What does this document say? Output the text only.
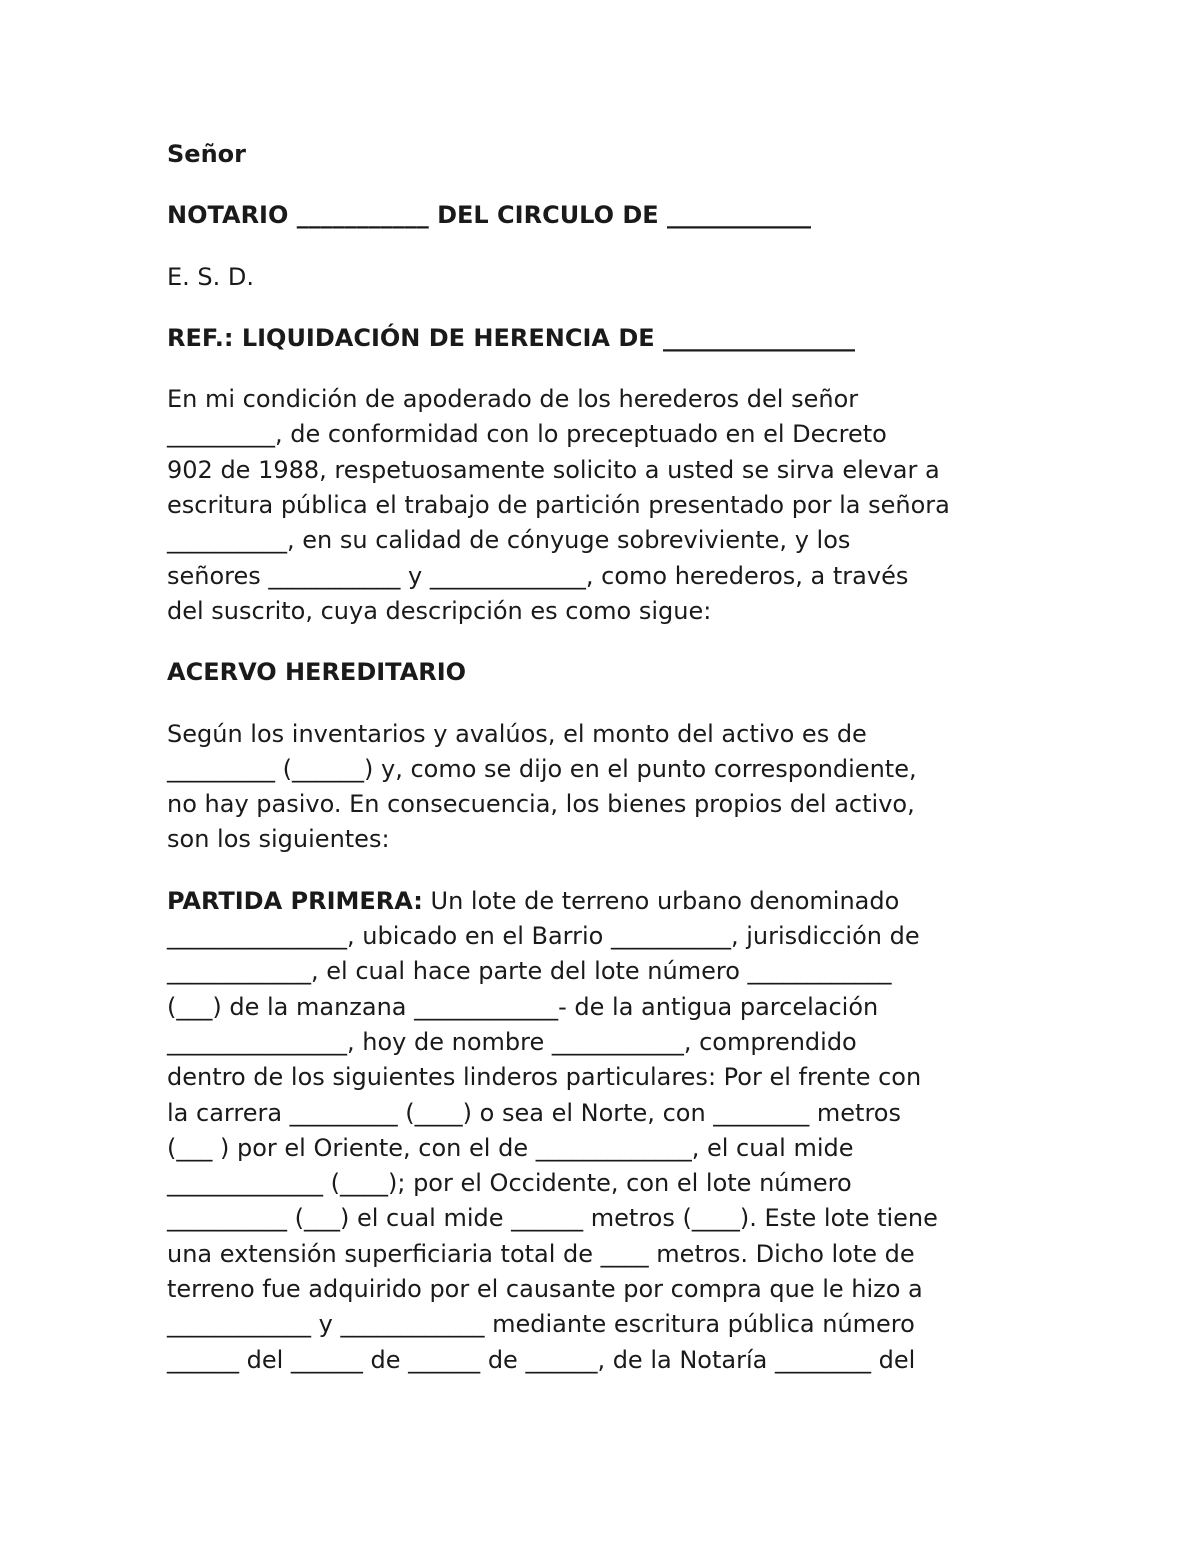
Señor
NOTARIO ___________ DEL CIRCULO DE ____________
E. S. D.
REF.: LIQUIDACIÓN DE HERENCIA DE ________________
En mi condición de apoderado de los herederos del señor
_________, de conformidad con lo preceptuado en el Decreto
902 de 1988, respetuosamente solicito a usted se sirva elevar a
escritura pública el trabajo de partición presentado por la señora
__________, en su calidad de cónyuge sobreviviente, y los
señores ___________ y _____________, como herederos, a través
del suscrito, cuya descripción es como sigue:
ACERVO HEREDITARIO
Según los inventarios y avalúos, el monto del activo es de
_________ (______) y, como se dijo en el punto correspondiente,
no hay pasivo. En consecuencia, los bienes propios del activo,
son los siguientes:
PARTIDA PRIMERA: Un lote de terreno urbano denominado
_______________, ubicado en el Barrio __________, jurisdicción de
____________, el cual hace parte del lote número ____________
(___) de la manzana ____________- de la antigua parcelación
_______________, hoy de nombre ___________, comprendido
dentro de los siguientes linderos particulares: Por el frente con
la carrera _________ (____) o sea el Norte, con ________ metros
(___ ) por el Oriente, con el de _____________, el cual mide
_____________ (____); por el Occidente, con el lote número
__________ (___) el cual mide ______ metros (____). Este lote tiene
una extensión superficiaria total de ____ metros. Dicho lote de
terreno fue adquirido por el causante por compra que le hizo a
____________ y ____________ mediante escritura pública número
______ del ______ de ______ de ______, de la Notaría ________ del
